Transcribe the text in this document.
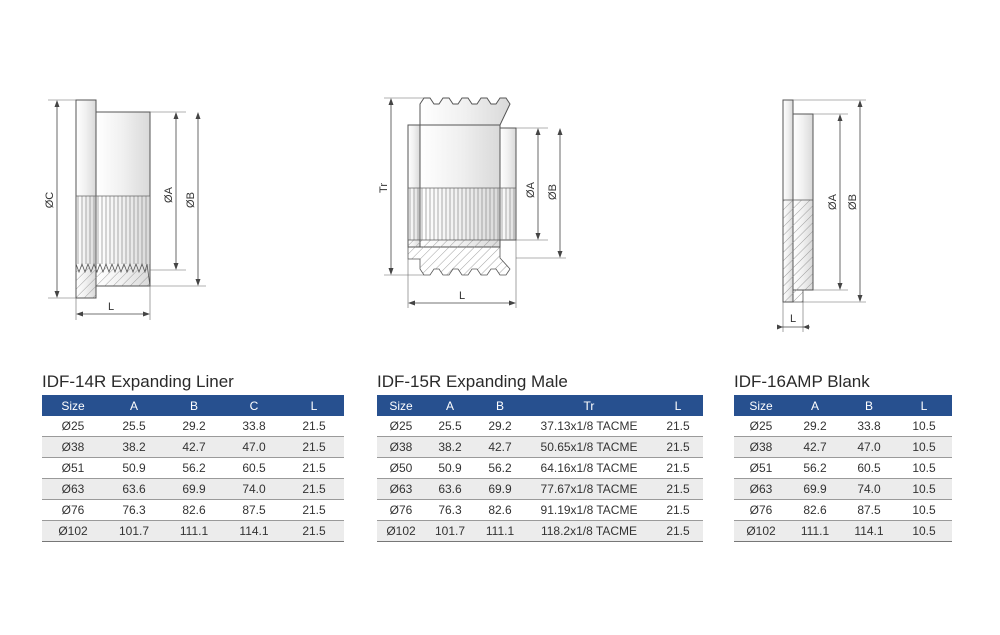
ØC	ØA ØB
L
Tr	ØA ØB
L
ØA ØB
L
IDF-14R Expanding Liner
Size	A	B	C	L
Ø25	25.5	29.2	33.8	21.5
Ø38	38.2	42.7	47.0	21.5
Ø51	50.9	56.2	60.5	21.5
Ø63	63.6	69.9	74.0	21.5
Ø76	76.3	82.6	87.5	21.5
Ø102	101.7	111.1	114.1	21.5
IDF-15R Expanding Male
Size	A	B	Tr	L
Ø25	25.5	29.2	37.13x1/8 TACME	21.5
Ø38	38.2	42.7	50.65x1/8 TACME	21.5
Ø50	50.9	56.2	64.16x1/8 TACME	21.5
Ø63	63.6	69.9	77.67x1/8 TACME	21.5
Ø76	76.3	82.6	91.19x1/8 TACME	21.5
Ø102	101.7	111.1	118.2x1/8 TACME	21.5
IDF-16AMP Blank
Size	A	B	L
Ø25	29.2	33.8	10.5
Ø38	42.7	47.0	10.5
Ø51	56.2	60.5	10.5
Ø63	69.9	74.0	10.5
Ø76	82.6	87.5	10.5
Ø102	111.1	114.1	10.5
